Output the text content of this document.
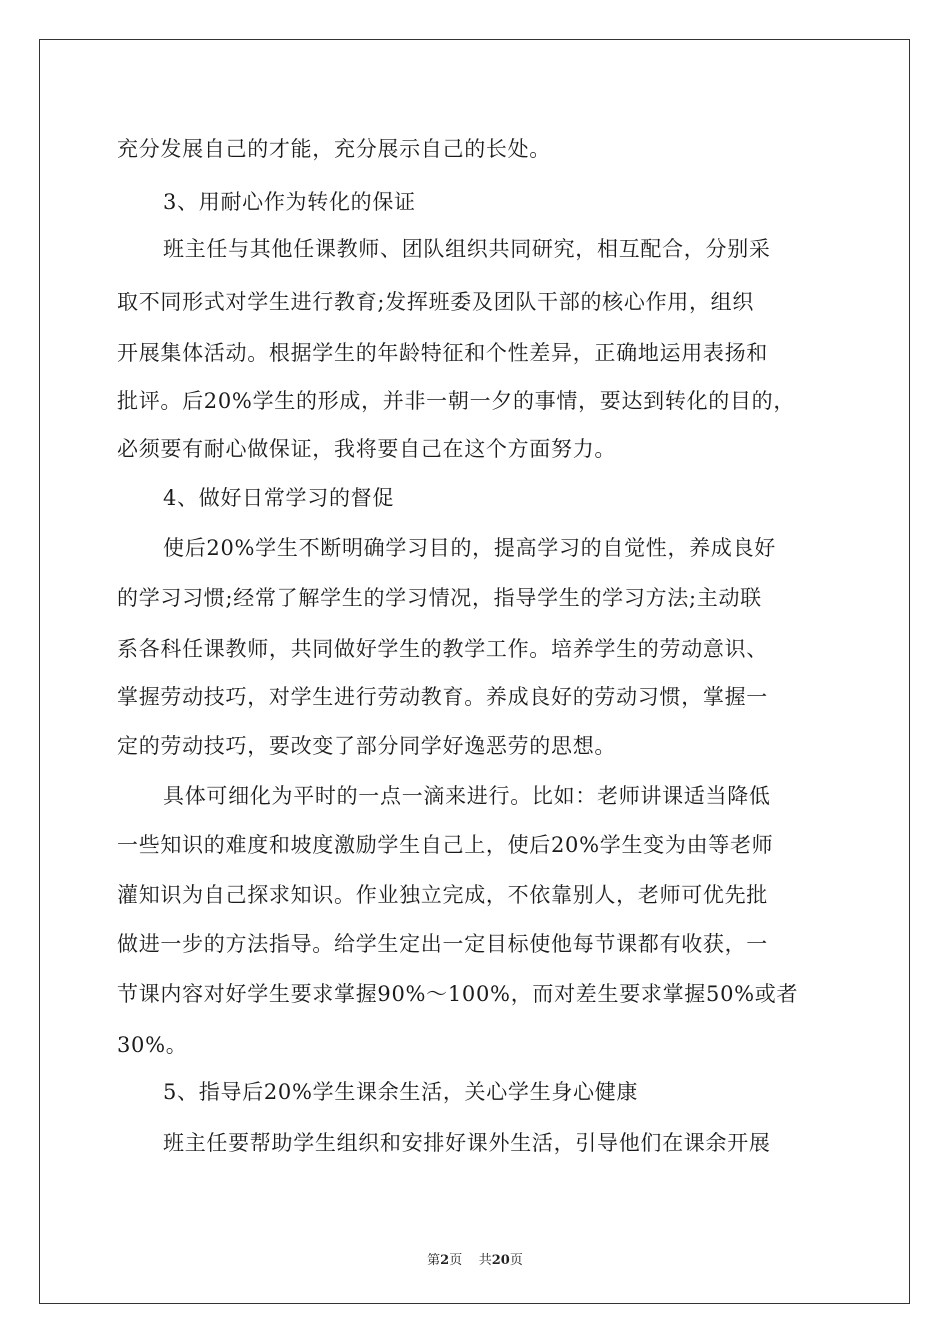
充分发展自己的才能，充分展示自己的长处。
3、用耐心作为转化的保证
班主任与其他任课教师、团队组织共同研究，相互配合，分别采
取不同形式对学生进行教育;发挥班委及团队干部的核心作用，组织
开展集体活动。根据学生的年龄特征和个性差异，正确地运用表扬和
批评。后20%学生的形成，并非一朝一夕的事情，要达到转化的目的，
必须要有耐心做保证，我将要自己在这个方面努力。
4、做好日常学习的督促
使后20%学生不断明确学习目的，提高学习的自觉性，养成良好
的学习习惯;经常了解学生的学习情况，指导学生的学习方法;主动联
系各科任课教师，共同做好学生的教学工作。培养学生的劳动意识、
掌握劳动技巧，对学生进行劳动教育。养成良好的劳动习惯，掌握一
定的劳动技巧，要改变了部分同学好逸恶劳的思想。
具体可细化为平时的一点一滴来进行。比如：老师讲课适当降低
一些知识的难度和坡度激励学生自己上，使后20%学生变为由等老师
灌知识为自己探求知识。作业独立完成，不依靠别人，老师可优先批
做进一步的方法指导。给学生定出一定目标使他每节课都有收获，一
节课内容对好学生要求掌握90%～100%，而对差生要求掌握50%或者
30%。
5、指导后20%学生课余生活，关心学生身心健康
班主任要帮助学生组织和安排好课外生活，引导他们在课余开展
第2页 共20页
